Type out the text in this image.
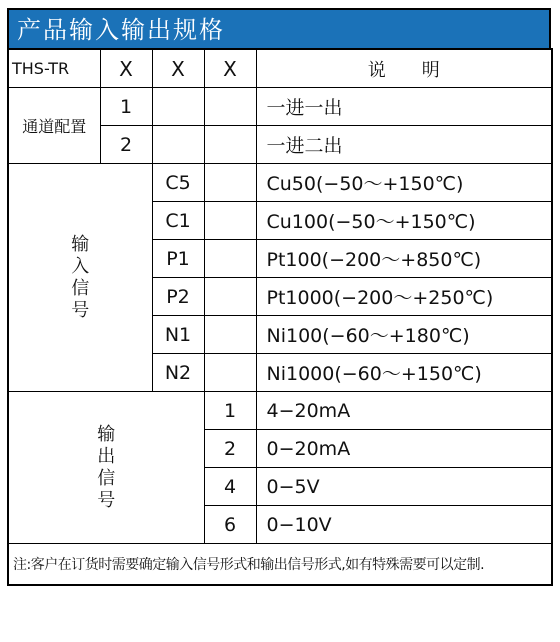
产品输入输出规格
THS-TR	X	X	X	说　　明
通道配置	1			一进一出
	2			一进二出
输入信号		C5		Cu50(−50～+150℃)
		C1		Cu100(−50～+150℃)
		P1		Pt100(−200～+850℃)
		P2		Pt1000(−200～+250℃)
		N1		Ni100(−60～+180℃)
		N2		Ni1000(−60～+150℃)
输出信号			1	4−20mA
			2	0−20mA
			4	0−5V
			6	0−10V
注:客户在订货时需要确定输入信号形式和输出信号形式,如有特殊需要可以定制.				
